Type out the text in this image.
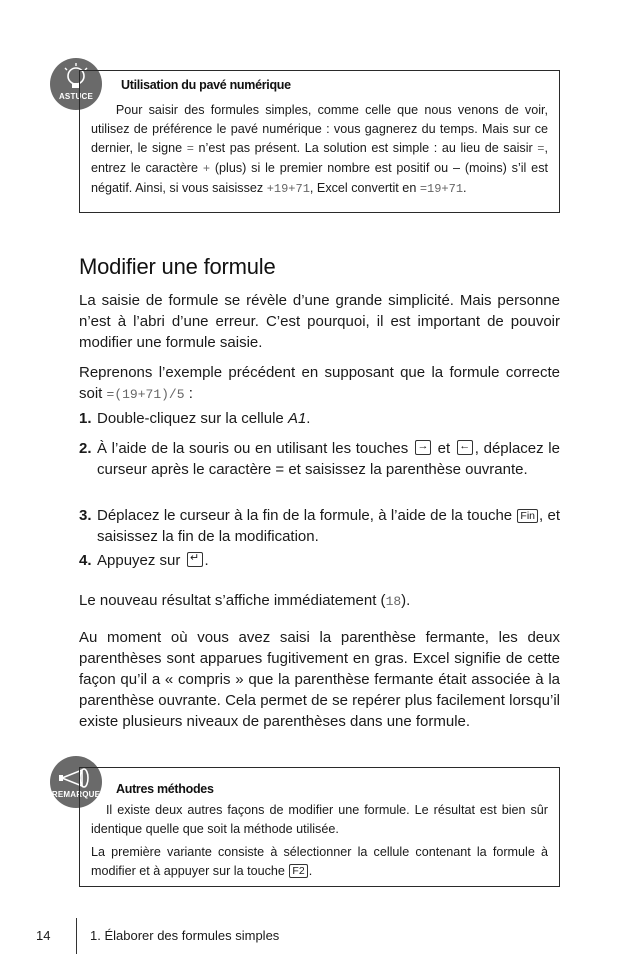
ASTUCE
Utilisation du pavé numérique
Pour saisir des formules simples, comme celle que nous venons de voir, utilisez de préférence le pavé numérique : vous gagnerez du temps. Mais sur ce dernier, le signe = n’est pas présent. La solution est simple : au lieu de saisir =, entrez le caractère + (plus) si le premier nombre est positif ou – (moins) s’il est négatif. Ainsi, si vous saisissez +19+71, Excel convertit en =19+71.
Modifier une formule

La saisie de formule se révèle d’une grande simplicité. Mais personne n’est à l’abri d’une erreur. C’est pourquoi, il est important de pouvoir modifier une formule saisie.

Reprenons l’exemple précédent en supposant que la formule correcte soit =(19+71)/5 :

1. Double-cliquez sur la cellule A1.
2. À l’aide de la souris ou en utilisant les touches → et ← , déplacez le curseur après le caractère = et saisissez la parenthèse ouvrante.
3. Déplacez le curseur à la fin de la formule, à l’aide de la touche Fin , et saisissez la fin de la modification.
4. Appuyez sur ↵ .

Le nouveau résultat s’affiche immédiatement (18).

Au moment où vous avez saisi la parenthèse fermante, les deux parenthèses sont apparues fugitivement en gras. Excel signifie de cette façon qu’il a « compris » que la parenthèse fermante était associée à la parenthèse ouvrante. Cela permet de se repérer plus facilement lorsqu’il existe plusieurs niveaux de parenthèses dans une formule.

REMARQUE Autres méthodes

Il existe deux autres façons de modifier une formule. Le résultat est bien sûr identique quelle que soit la méthode utilisée.

La première variante consiste à sélectionner la cellule contenant la formule à modifier et à appuyer sur la touche F2 .

14	1. Élaborer des formules simples
